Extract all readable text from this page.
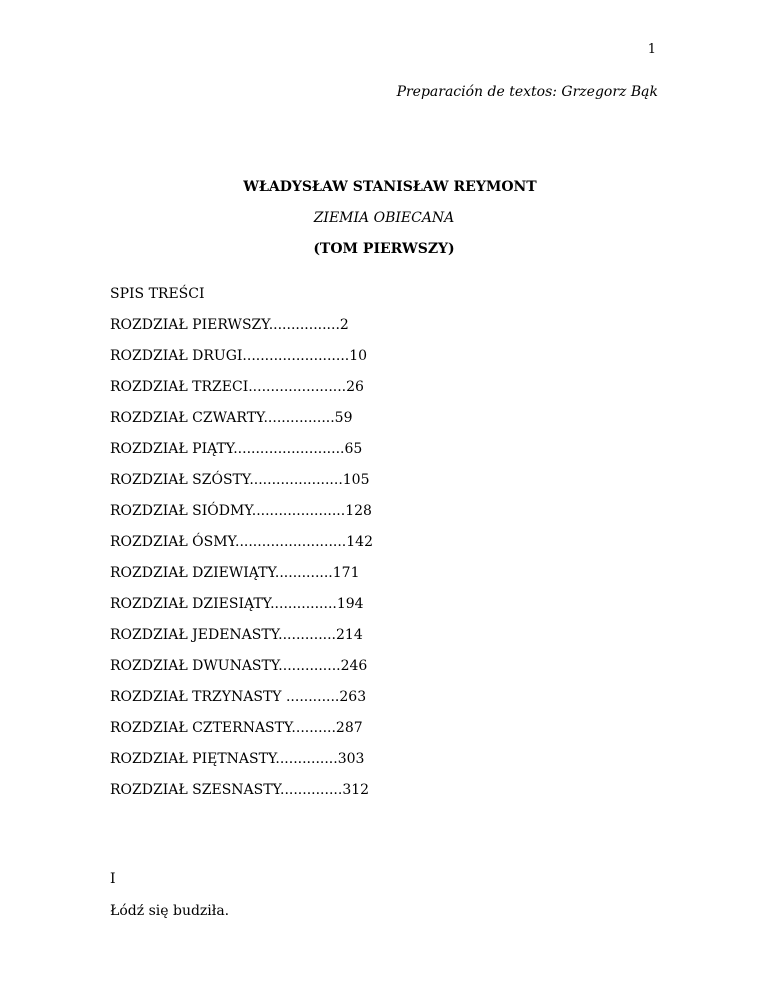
1
Preparación de textos: Grzegorz Bąk
WŁADYSŁAW STANISŁAW REYMONT
ZIEMIA OBIECANA
(TOM PIERWSZY)
SPIS TREŚCI
ROZDZIAŁ PIERWSZY................2
ROZDZIAŁ DRUGI........................10
ROZDZIAŁ TRZECI......................26
ROZDZIAŁ CZWARTY................59
ROZDZIAŁ PIĄTY.........................65
ROZDZIAŁ SZÓSTY.....................105
ROZDZIAŁ SIÓDMY.....................128
ROZDZIAŁ ÓSMY.........................142
ROZDZIAŁ DZIEWIĄTY.............171
ROZDZIAŁ DZIESIĄTY...............194
ROZDZIAŁ JEDENASTY.............214
ROZDZIAŁ DWUNASTY..............246
ROZDZIAŁ TRZYNASTY ............263
ROZDZIAŁ CZTERNASTY..........287
ROZDZIAŁ PIĘTNASTY..............303
ROZDZIAŁ SZESNASTY..............312
I
Łódź się budziła.
